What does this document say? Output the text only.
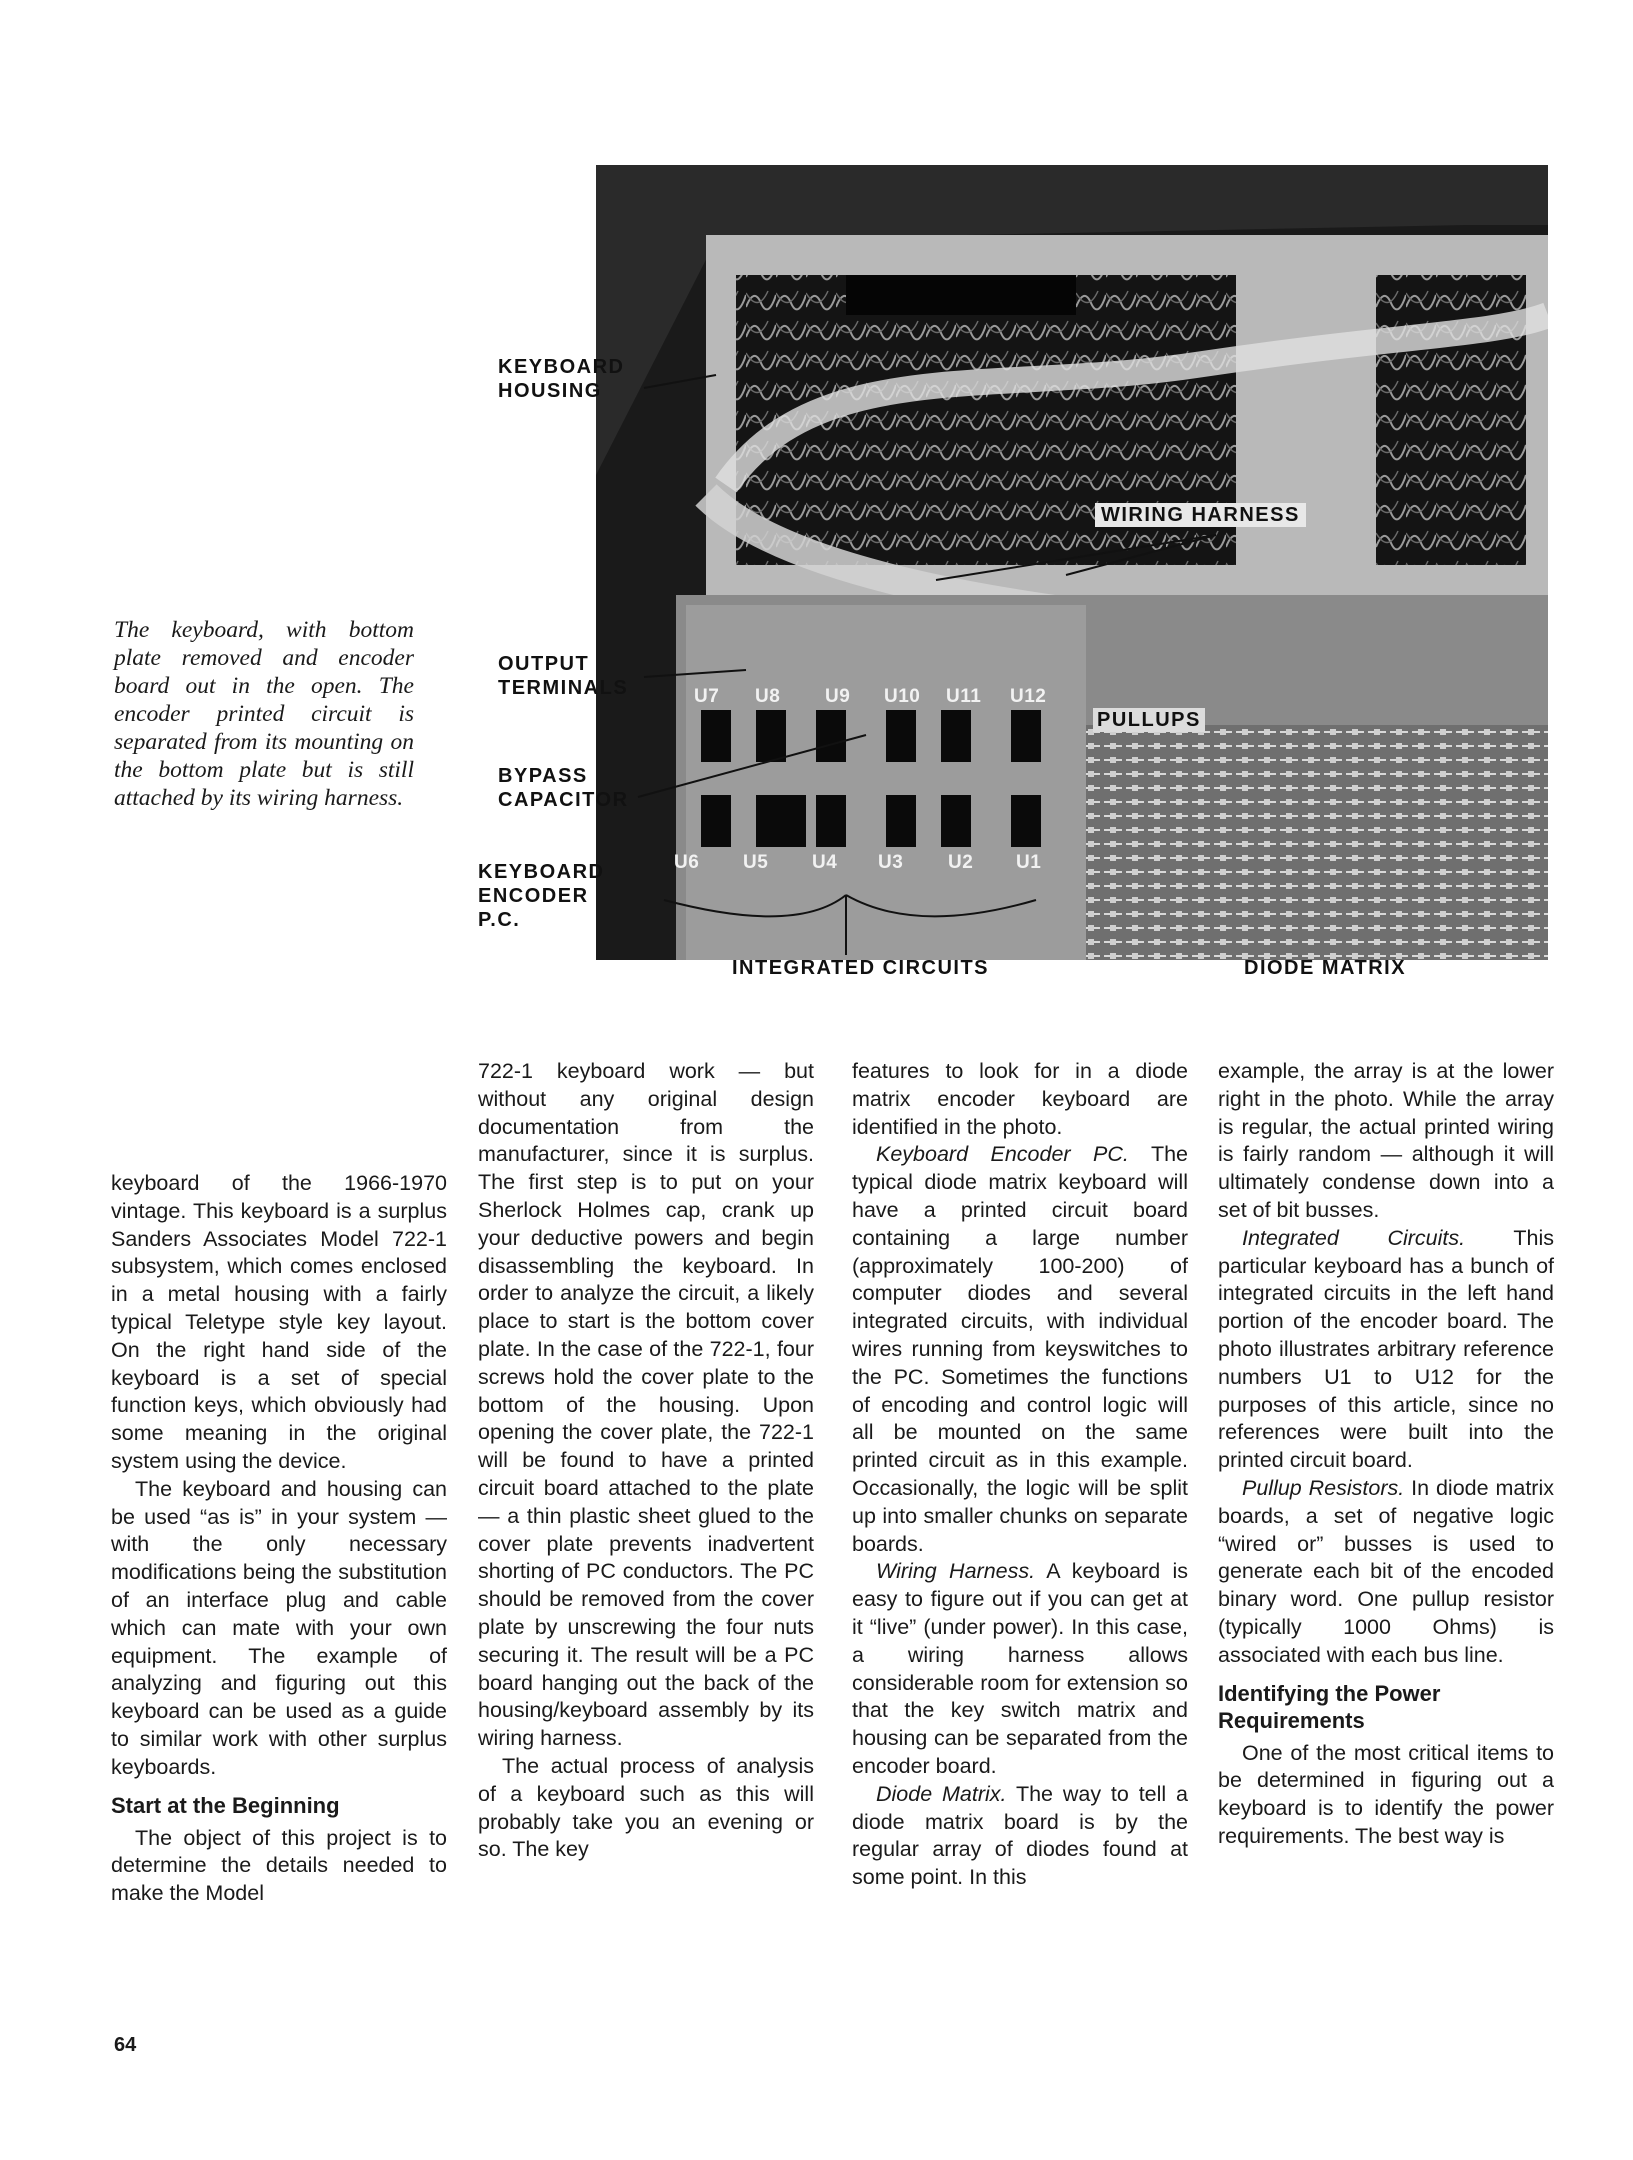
KEYBOARD
HOUSING
WIRING HARNESS
OUTPUT
TERMINALS
BYPASS
CAPACITOR
KEYBOARD
ENCODER
P.C.
PULLUPS
INTEGRATED CIRCUITS	DIODE MATRIX
U7 U8 U9 U10 U11 U12
U6 U5 U4 U3 U2 U1

The keyboard, with bottom plate removed and encoder board out in the open. The encoder printed circuit is separated from its mounting on the bottom plate but is still attached by its wiring harness.

keyboard of the 1966-1970 vintage. This keyboard is a surplus Sanders Associates Model 722-1 subsystem, which comes enclosed in a metal housing with a fairly typical Teletype style key layout. On the right hand side of the keyboard is a set of special function keys, which obviously had some meaning in the original system using the device.

The keyboard and housing can be used “as is” in your system — with the only necessary modifications being the substitution of an interface plug and cable which can mate with your own equipment. The example of analyzing and figuring out this keyboard can be used as a guide to similar work with other surplus keyboards.

Start at the Beginning

The object of this project is to determine the details needed to make the Model

722-1 keyboard work — but without any original design documentation from the manufacturer, since it is surplus. The first step is to put on your Sherlock Holmes cap, crank up your deductive powers and begin disassembling the keyboard. In order to analyze the circuit, a likely place to start is the bottom cover plate. In the case of the 722-1, four screws hold the cover plate to the bottom of the housing. Upon opening the cover plate, the 722-1 will be found to have a printed circuit board attached to the plate — a thin plastic sheet glued to the cover plate prevents inadvertent shorting of PC conductors. The PC should be removed from the cover plate by unscrewing the four nuts securing it. The result will be a PC board hanging out the back of the housing/keyboard assembly by its wiring harness.

The actual process of analysis of a keyboard such as this will probably take you an evening or so. The key

features to look for in a diode matrix encoder keyboard are identified in the photo.

Keyboard Encoder PC. The typical diode matrix keyboard will have a printed circuit board containing a large number (approximately 100-200) of computer diodes and several integrated circuits, with individual wires running from keyswitches to the PC. Sometimes the functions of encoding and control logic will all be mounted on the same printed circuit as in this example. Occasionally, the logic will be split up into smaller chunks on separate boards.

Wiring Harness. A keyboard is easy to figure out if you can get at it “live” (under power). In this case, a wiring harness allows considerable room for extension so that the key switch matrix and housing can be separated from the encoder board.

Diode Matrix. The way to tell a diode matrix board is by the regular array of diodes found at some point. In this

example, the array is at the lower right in the photo. While the array is regular, the actual printed wiring is fairly random — although it will ultimately condense down into a set of bit busses.

Integrated Circuits. This particular keyboard has a bunch of integrated circuits in the left hand portion of the encoder board. The photo illustrates arbitrary reference numbers U1 to U12 for the purposes of this article, since no references were built into the printed circuit board.

Pullup Resistors. In diode matrix boards, a set of negative logic “wired or” busses is used to generate each bit of the encoded binary word. One pullup resistor (typically 1000 Ohms) is associated with each bus line.

Identifying the Power Requirements

One of the most critical items to be determined in figuring out a keyboard is to identify the power requirements. The best way is

64
